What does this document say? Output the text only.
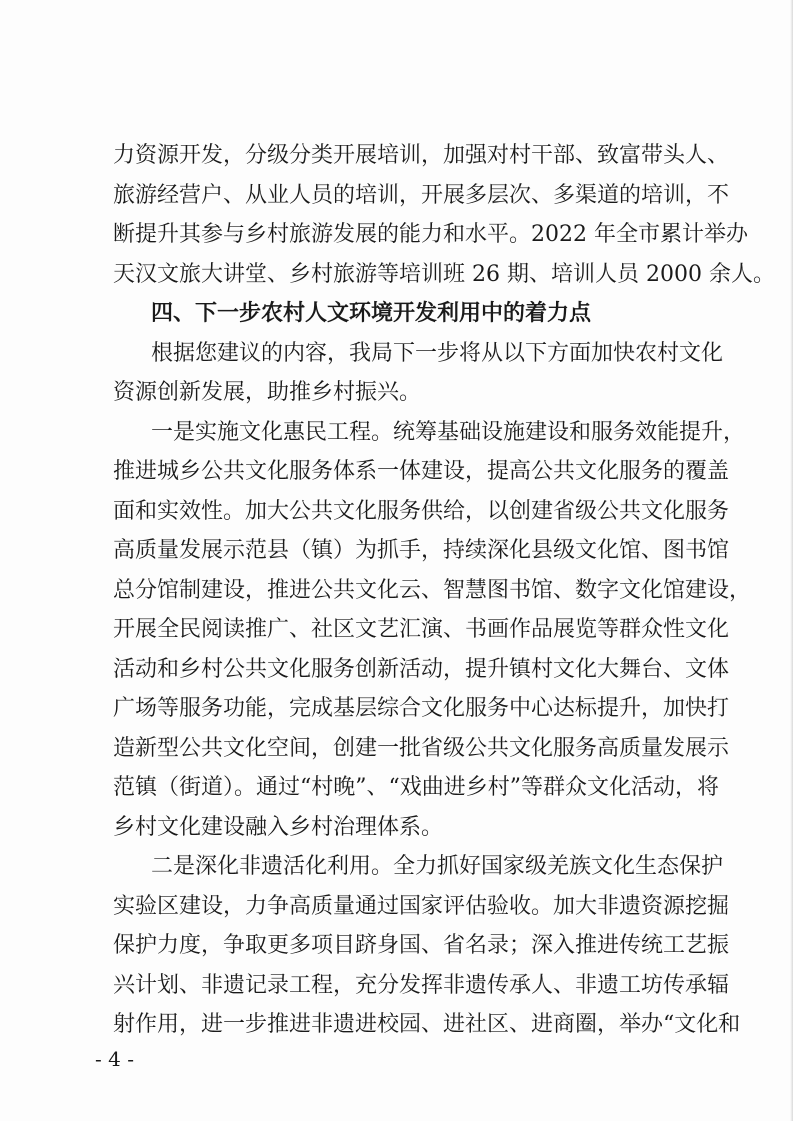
力资源开发，分级分类开展培训，加强对村干部、致富带头人、
旅游经营户、从业人员的培训，开展多层次、多渠道的培训，不
断提升其参与乡村旅游发展的能力和水平。2022 年全市累计举办
天汉文旅大讲堂、乡村旅游等培训班 26 期、培训人员 2000 余人。
四、下一步农村人文环境开发利用中的着力点
根据您建议的内容，我局下一步将从以下方面加快农村文化
资源创新发展，助推乡村振兴。
一是实施文化惠民工程。统筹基础设施建设和服务效能提升，
推进城乡公共文化服务体系一体建设，提高公共文化服务的覆盖
面和实效性。加大公共文化服务供给，以创建省级公共文化服务
高质量发展示范县（镇）为抓手，持续深化县级文化馆、图书馆
总分馆制建设，推进公共文化云、智慧图书馆、数字文化馆建设，
开展全民阅读推广、社区文艺汇演、书画作品展览等群众性文化
活动和乡村公共文化服务创新活动，提升镇村文化大舞台、文体
广场等服务功能，完成基层综合文化服务中心达标提升，加快打
造新型公共文化空间，创建一批省级公共文化服务高质量发展示
范镇（街道）。通过“村晚”、“戏曲进乡村”等群众文化活动，将
乡村文化建设融入乡村治理体系。
二是深化非遗活化利用。全力抓好国家级羌族文化生态保护
实验区建设，力争高质量通过国家评估验收。加大非遗资源挖掘
保护力度，争取更多项目跻身国、省名录；深入推进传统工艺振
兴计划、非遗记录工程，充分发挥非遗传承人、非遗工坊传承辐
射作用，进一步推进非遗进校园、进社区、进商圈，举办“文化和
- 4 -
